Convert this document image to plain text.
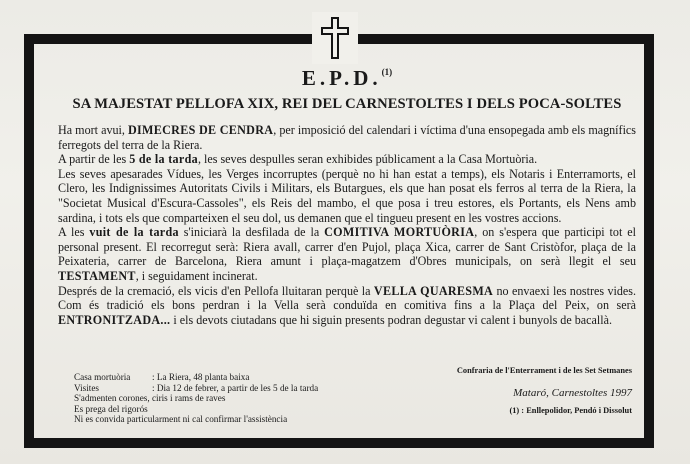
E.P.D.$^{(1)}$
SA MAJESTAT PELLOFA XIX, REI DEL CARNESTOLTES I DELS POCA-SOLTES

Ha mort avui, DIMECRES DE CENDRA, per imposició del calendari i víctima d'una ensopegada amb els magnífics ferregots del terra de la Riera.

A partir de les 5 de la tarda, les seves despulles seran exhibides públicament a la Casa Mortuòria.

Les seves apesarades Vídues, les Verges incorruptes (perquè no hi han estat a temps), els Notaris i Enterramorts, el Clero, les Indignissimes Autoritats Civils i Militars, els Butargues, els que han posat els ferros al terra de la Riera, la "Societat Musical d'Escura-Cassoles", els Reis del mambo, el que posa i treu estores, els Portants, els Nens amb sardina, i tots els que comparteixen el seu dol, us demanen que el tingueu present en les vostres accions.

A les vuit de la tarda s'iniciarà la desfilada de la COMITIVA MORTUÒRIA, on s'espera que participi tot el personal present. El recorregut serà: Riera avall, carrer d'en Pujol, plaça Xica, carrer de Sant Cristòfor, plaça de la Peixateria, carrer de Barcelona, Riera amunt i plaça-magatzem d'Obres municipals, on serà llegit el seu TESTAMENT, i seguidament incinerat.

Després de la cremació, els vicis d'en Pellofa lluitaran perquè la VELLA QUARESMA no envaexi les nostres vides. Com és tradició els bons perdran i la Vella serà conduïda en comitiva fins a la Plaça del Peix, on serà ENTRONITZADA... i els devots ciutadans que hi siguin presents podran degustar vi calent i bunyols de bacallà.

Casa mortuòria : La Riera, 48 planta baixa
Visites	: Dia 12 de febrer, a partir de les 5 de la tarda
S'admenten corones, ciris i rams de raves
Es prega del rigorós
Ni es convida particularment ni cal confirmar l'assistència
Confraria de l'Enterrament i de les Set Setmanes
Mataró, Carnestoltes 1997
(1) : Enllepolidor, Pendó i Dissolut
